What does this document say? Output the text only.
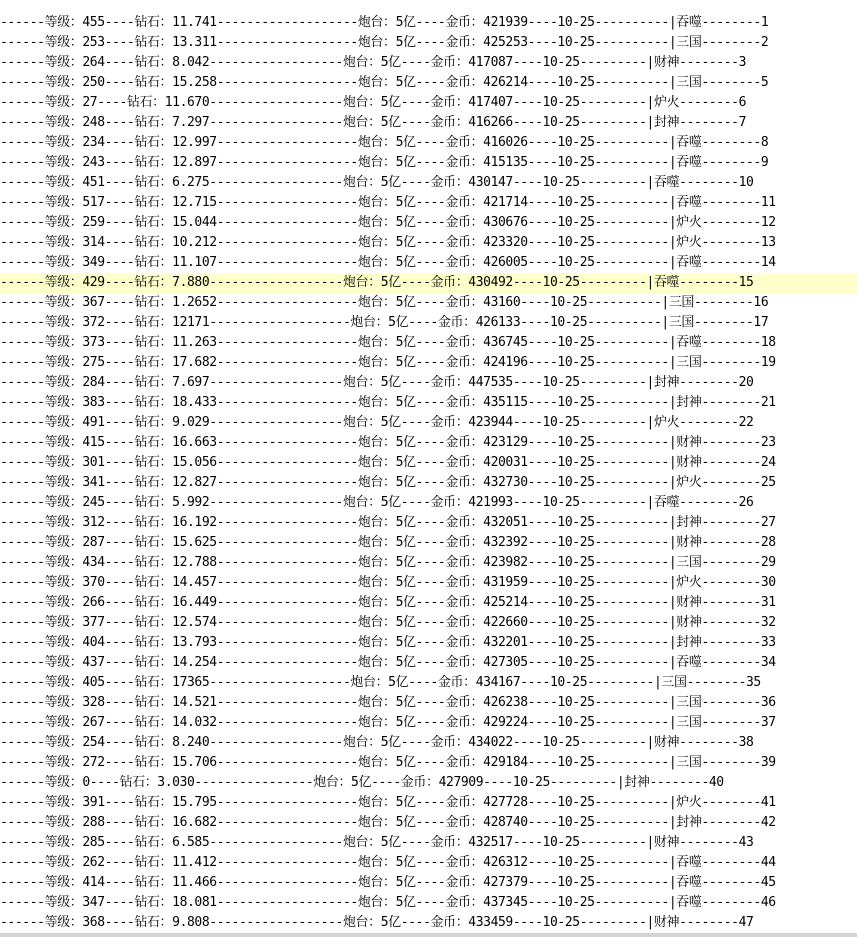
------等级：455----钻石：11.741-------------------炮台：5亿----金币：421939----10-25----------|吞噬--------1
------等级：253----钻石：13.311-------------------炮台：5亿----金币：425253----10-25----------|三国--------2
------等级：264----钻石：8.042------------------炮台：5亿----金币：417087----10-25---------|财神--------3
------等级：250----钻石：15.258-------------------炮台：5亿----金币：426214----10-25----------|三国--------5
------等级：27----钻石：11.670------------------炮台：5亿----金币：417407----10-25---------|炉火--------6
------等级：248----钻石：7.297------------------炮台：5亿----金币：416266----10-25---------|封神--------7
------等级：234----钻石：12.997-------------------炮台：5亿----金币：416026----10-25----------|吞噬--------8
------等级：243----钻石：12.897-------------------炮台：5亿----金币：415135----10-25----------|吞噬--------9
------等级：451----钻石：6.275------------------炮台：5亿----金币：430147----10-25---------|吞噬--------10
------等级：517----钻石：12.715-------------------炮台：5亿----金币：421714----10-25----------|吞噬--------11
------等级：259----钻石：15.044-------------------炮台：5亿----金币：430676----10-25----------|炉火--------12
------等级：314----钻石：10.212-------------------炮台：5亿----金币：423320----10-25----------|炉火--------13
------等级：349----钻石：11.107-------------------炮台：5亿----金币：426005----10-25----------|吞噬--------14
------等级：429----钻石：7.880------------------炮台：5亿----金币：430492----10-25---------|吞噬--------15
------等级：367----钻石：1.2652-------------------炮台：5亿----金币：43160----10-25----------|三国--------16
------等级：372----钻石：12171-------------------炮台：5亿----金币：426133----10-25----------|三国--------17
------等级：373----钻石：11.263-------------------炮台：5亿----金币：436745----10-25----------|吞噬--------18
------等级：275----钻石：17.682-------------------炮台：5亿----金币：424196----10-25----------|三国--------19
------等级：284----钻石：7.697------------------炮台：5亿----金币：447535----10-25---------|封神--------20
------等级：383----钻石：18.433-------------------炮台：5亿----金币：435115----10-25----------|封神--------21
------等级：491----钻石：9.029------------------炮台：5亿----金币：423944----10-25---------|炉火--------22
------等级：415----钻石：16.663-------------------炮台：5亿----金币：423129----10-25----------|财神--------23
------等级：301----钻石：15.056-------------------炮台：5亿----金币：420031----10-25----------|财神--------24
------等级：341----钻石：12.827-------------------炮台：5亿----金币：432730----10-25----------|炉火--------25
------等级：245----钻石：5.992------------------炮台：5亿----金币：421993----10-25---------|吞噬--------26
------等级：312----钻石：16.192-------------------炮台：5亿----金币：432051----10-25----------|封神--------27
------等级：287----钻石：15.625-------------------炮台：5亿----金币：432392----10-25----------|财神--------28
------等级：434----钻石：12.788-------------------炮台：5亿----金币：423982----10-25----------|三国--------29
------等级：370----钻石：14.457-------------------炮台：5亿----金币：431959----10-25----------|炉火--------30
------等级：266----钻石：16.449-------------------炮台：5亿----金币：425214----10-25----------|财神--------31
------等级：377----钻石：12.574-------------------炮台：5亿----金币：422660----10-25----------|财神--------32
------等级：404----钻石：13.793-------------------炮台：5亿----金币：432201----10-25----------|封神--------33
------等级：437----钻石：14.254-------------------炮台：5亿----金币：427305----10-25----------|吞噬--------34
------等级：405----钻石：17365-------------------炮台：5亿----金币：434167----10-25---------|三国--------35
------等级：328----钻石：14.521-------------------炮台：5亿----金币：426238----10-25----------|三国--------36
------等级：267----钻石：14.032-------------------炮台：5亿----金币：429224----10-25----------|三国--------37
------等级：254----钻石：8.240------------------炮台：5亿----金币：434022----10-25---------|财神--------38
------等级：272----钻石：15.706-------------------炮台：5亿----金币：429184----10-25----------|三国--------39
------等级：0----钻石：3.030----------------炮台：5亿----金币：427909----10-25---------|封神--------40
------等级：391----钻石：15.795-------------------炮台：5亿----金币：427728----10-25----------|炉火--------41
------等级：288----钻石：16.682-------------------炮台：5亿----金币：428740----10-25----------|封神--------42
------等级：285----钻石：6.585------------------炮台：5亿----金币：432517----10-25---------|财神--------43
------等级：262----钻石：11.412-------------------炮台：5亿----金币：426312----10-25----------|吞噬--------44
------等级：414----钻石：11.466-------------------炮台：5亿----金币：427379----10-25----------|吞噬--------45
------等级：347----钻石：18.081-------------------炮台：5亿----金币：437345----10-25----------|吞噬--------46
------等级：368----钻石：9.808------------------炮台：5亿----金币：433459----10-25---------|财神--------47
